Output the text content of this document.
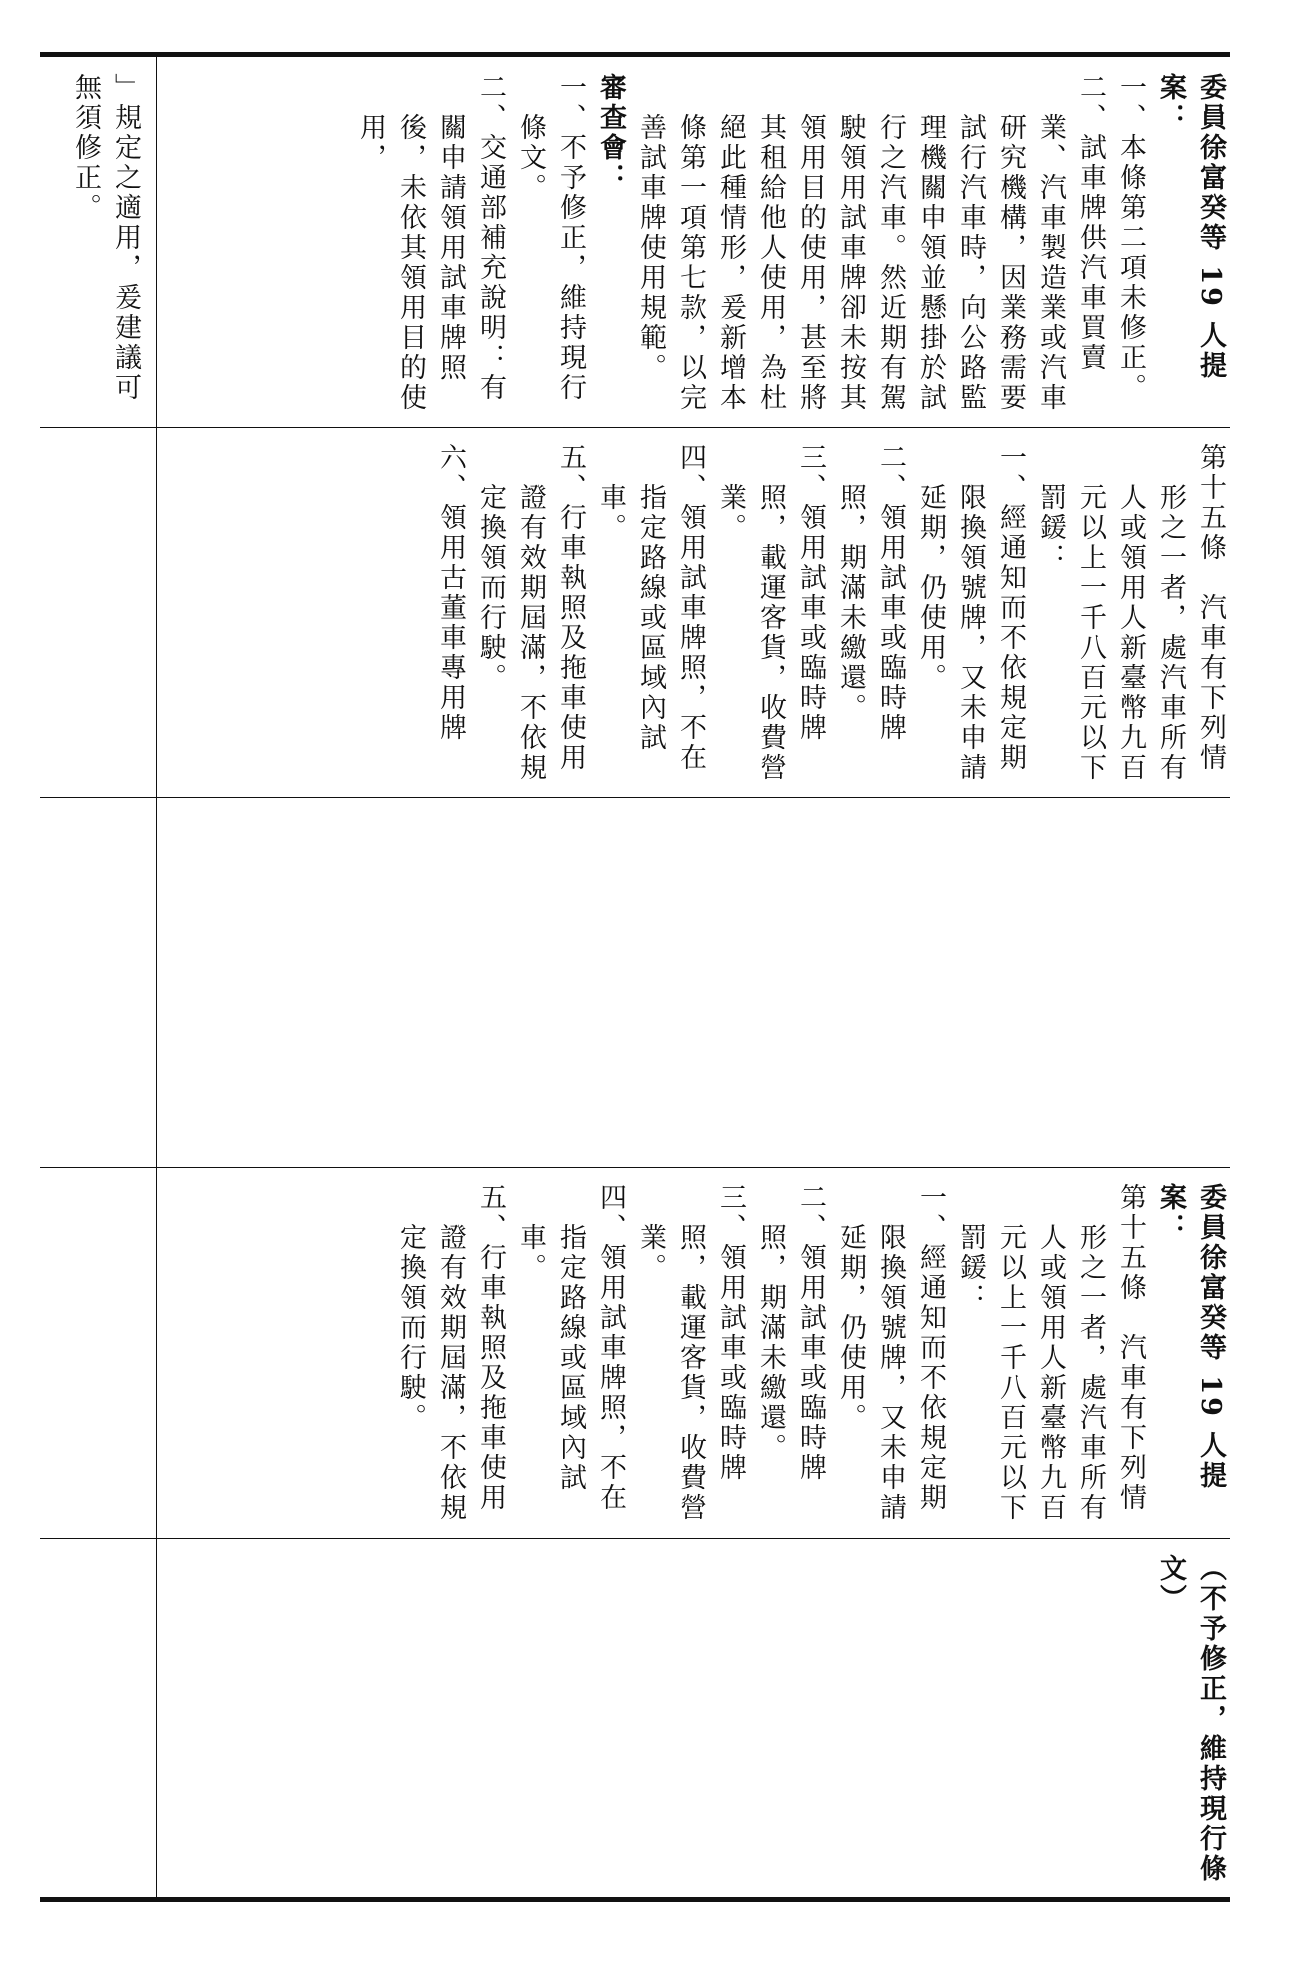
」規定之適用，爰建議可

無須修正。	委員徐富癸等 19 人提案：

一、本條第二項未修正。

二、試車牌供汽車買賣業、汽車製造業或汽車研究機構，因業務需要試行汽車時，向公路監理機關申領並懸掛於試行之汽車。然近期有駕駛領用試車牌卻未按其領用目的使用，甚至將其租給他人使用，為杜絕此種情形，爰新增本條第一項第七款，以完善試車牌使用規範。

審查會：

一、不予修正，維持現行條文。

二、交通部補充說明：有關申請領用試車牌照後，未依其領用目的使用，

第十五條　汽車有下列情形之一者，處汽車所有人或領用人新臺幣九百元以上一千八百元以下罰鍰：

一、經通知而不依規定期限換領號牌，又未申請延期，仍使用。

二、領用試車或臨時牌照，期滿未繳還。

三、領用試車或臨時牌照，載運客貨，收費營業。

四、領用試車牌照，不在指定路線或區域內試車。

五、行車執照及拖車使用證有效期屆滿，不依規定換領而行駛。

六、領用古董車專用牌

委員徐富癸等 19 人提案：

第十五條　汽車有下列情形之一者，處汽車所有人或領用人新臺幣九百元以上一千八百元以下罰鍰：

一、經通知而不依規定期限換領號牌，又未申請延期，仍使用。

二、領用試車或臨時牌照，期滿未繳還。

三、領用試車或臨時牌照，載運客貨，收費營業。

四、領用試車牌照，不在指定路線或區域內試車。

五、行車執照及拖車使用證有效期屆滿，不依規定換領而行駛。

（不予修正，維持現行條文）
